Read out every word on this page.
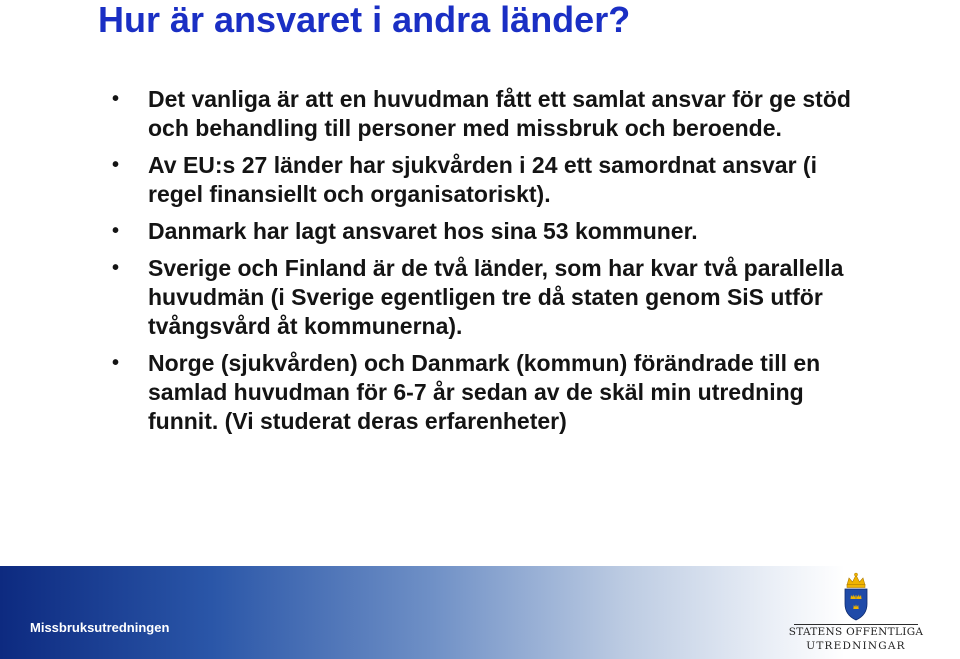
Hur är ansvaret i andra länder?
• Det vanliga är att en huvudman fått ett samlat ansvar för ge stöd och behandling till personer med missbruk och beroende.
• Av EU:s 27 länder har sjukvården i 24 ett samordnat ansvar (i regel finansiellt och organisatoriskt).
• Danmark har lagt ansvaret hos sina 53 kommuner.
• Sverige och Finland är de två länder, som har kvar två parallella huvudmän (i Sverige egentligen tre då staten genom SiS utför tvångsvård åt kommunerna).
• Norge (sjukvården) och Danmark (kommun) förändrade till en samlad huvudman för 6-7 år sedan av de skäl min utredning funnit. (Vi studerat deras erfarenheter)
Missbruksutredningen	STATENS OFFENTLIGA
UTREDNINGAR
